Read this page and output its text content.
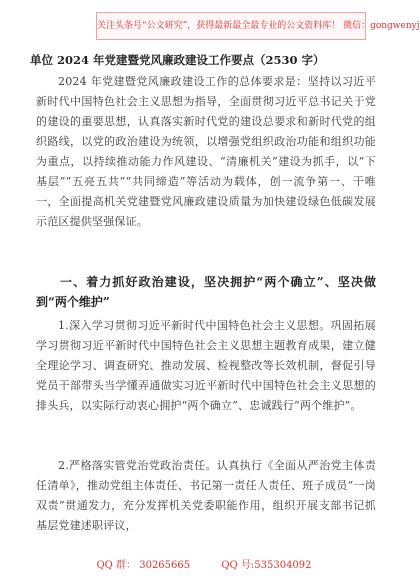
关注头条号“公文研究”，获得最新最全最专业的公文资料库！ 微信：gongwenyj
单位 2024 年党建暨党风廉政建设工作要点（2530 字）

2024 年党建暨党风廉政建设工作的总体要求是：坚持以习近平新时代中国特色社会主义思想为指导，全面贯彻习近平总书记关于党的建设的重要思想，认真落实新时代党的建设总要求和新时代党的组织路线，以党的政治建设为统领，以增强党组织政治功能和组织功能为重点，以持续推动能力作风建设、“清廉机关”建设为抓手，以“下基层”“五亮五共”“共同缔造”等活动为载体，创一流争第一、干唯一，全面提高机关党建暨党风廉政建设质量为加快建设绿色低碳发展示范区提供坚强保证。

一、着力抓好政治建设，坚决拥护“两个确立”、坚决做到“两个维护”

1.深入学习贯彻习近平新时代中国特色社会主义思想。巩固拓展学习贯彻习近平新时代中国特色社会主义思想主题教育成果，建立健全理论学习、调查研究、推动发展、检视整改等长效机制，督促引导党员干部带头当学懂弄通做实习近平新时代中国特色社会主义思想的排头兵，以实际行动衷心拥护“两个确立”、忠诚践行“两个维护”。

2.严格落实管党治党政治责任。认真执行《全面从严治党主体责任清单》，推动党组主体责任、书记第一责任人责任、班子成员“一岗双责”贯通发力，充分发挥机关党委职能作用，组织开展支部书记抓基层党建述职评议，

QQ 群： 30265665	QQ 号:535304092
